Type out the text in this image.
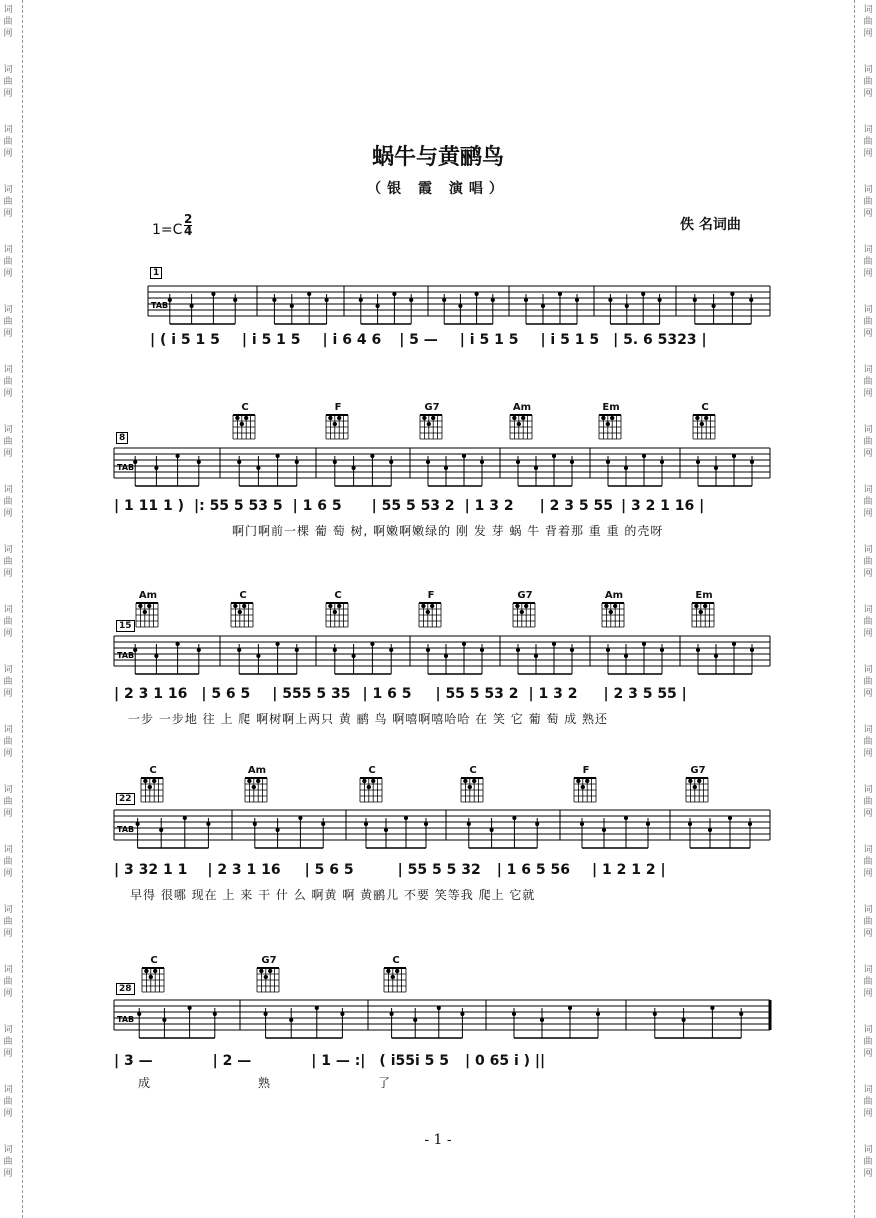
词
曲
网
词
曲
网
词
曲
网
词
曲
网
词
曲
网
词
曲
网
词
曲
网
词
曲
网
词
曲
网
词
曲
网
词
曲
网
词
曲
网
词
曲
网
词
曲
网
词
曲
网
词
曲
网
词
曲
网
词
曲
网
词
曲
网
词
曲
网
词
曲
网
词
曲
网
词
曲
网
词
曲
网
词
曲
网
词
曲
网
词
曲
网
词
曲
网
词
曲
网
词
曲
网
词
曲
网
词
曲
网
词
曲
网
词
曲
网
词
曲
网
词
曲
网
词
曲
网
词
曲
网
词
曲
网
词
曲
网
蜗牛与黄鹂鸟
（银 霞 演唱）
1=C
2
4	佚 名词曲
TAB
TAB
TAB
TAB
TAB
1
8
15
22
28
C	F	G7	Am	Em	C
Am	C	C	F	G7	Am	Em
C	Am	C	C	F	G7
C	G7	C
| ( i 5 1 5 | i 5 1 5 | i 6 4 6 | 5 — | i 5 1 5 | i 5 1 5 | 5. 6 5323 |
| 1 11 1 ) |: 55 5 53 5 | 1 6 5 | 55 5 53 2 | 1 3 2 | 2 3 5 55 | 3 2 1 16 |
啊门啊前一棵 葡 萄 树, 啊嫩啊嫩绿的 刚 发 芽 蜗 牛 背着那 重 重 的壳呀
| 2 3 1 16 | 5 6 5 | 555 5 35 | 1 6 5 | 55 5 53 2 | 1 3 2 | 2 3 5 55 |
一步 一步地 往 上 爬 啊树啊上两只 黄 鹂 鸟 啊嘻啊嘻哈哈 在 笑 它 葡 萄 成 熟还
| 3 32 1 1 | 2 3 1 16 | 5 6 5	| 55 5 5 32 | 1 6 5 56 | 1 2 1 2 |
早得 很哪 现在 上 来 干 什 么 啊黄 啊 黄鹂儿 不要 笑等我 爬上 它就
| 3 —	| 2 —	| 1 — :| ( i55i 5 5 | 0 65 i ) ||
成	熟	了
- 1 -
